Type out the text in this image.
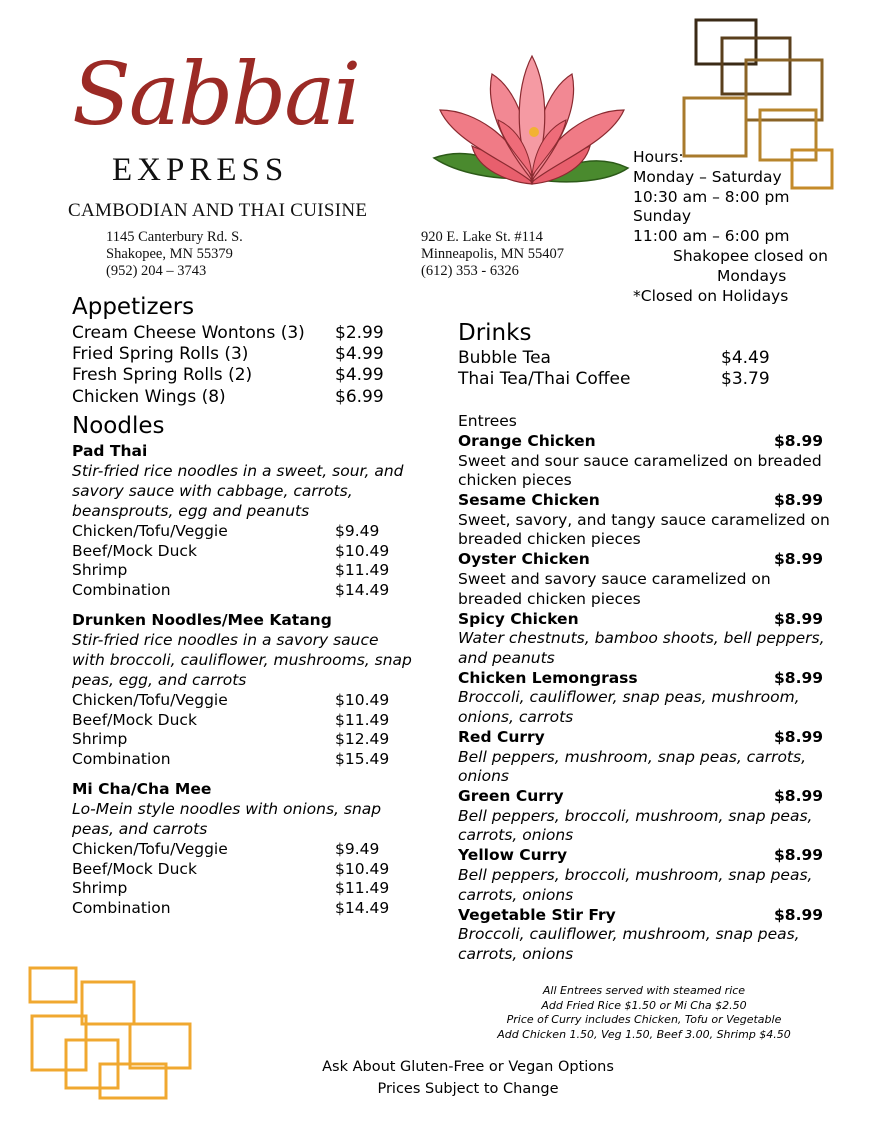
Sabbai
EXPRESS
CAMBODIAN AND THAI CUISINE
1145 Canterbury Rd. S.
Shakopee, MN 55379
(952) 204 – 3743
920 E. Lake St. #114
Minneapolis, MN 55407
(612) 353 - 6326
Hours:
Monday – Saturday
10:30 am – 8:00 pm
Sunday
11:00 am – 6:00 pm
Shakopee closed on
Mondays
*Closed on Holidays
Appetizers
Cream Cheese Wontons (3) $2.99
Fried Spring Rolls (3)	$4.99
Fresh Spring Rolls (2)	$4.99
Chicken Wings (8)	$6.99
Noodles
Pad Thai
Stir-fried rice noodles in a sweet, sour, and savory sauce with cabbage, carrots, beansprouts, egg and peanuts
Chicken/Tofu/Veggie	$9.49
Beef/Mock Duck	$10.49
Shrimp	$11.49
Combination	$14.49
Drunken Noodles/Mee Katang
Stir-fried rice noodles in a savory sauce with broccoli, cauliflower, mushrooms, snap peas, egg, and carrots
Chicken/Tofu/Veggie	$10.49
Beef/Mock Duck	$11.49
Shrimp	$12.49
Combination	$15.49
Mi Cha/Cha Mee
Lo-Mein style noodles with onions, snap peas, and carrots
Chicken/Tofu/Veggie	$9.49
Beef/Mock Duck	$10.49
Shrimp	$11.49
Combination	$14.49
Drinks
Bubble Tea	$4.49
Thai Tea/Thai Coffee	$3.79
Entrees
Orange Chicken	$8.99
Sweet and sour sauce caramelized on breaded chicken pieces
Sesame Chicken	$8.99
Sweet, savory, and tangy sauce caramelized on breaded chicken pieces
Oyster Chicken	$8.99
Sweet and savory sauce caramelized on breaded chicken pieces
Spicy Chicken	$8.99
Water chestnuts, bamboo shoots, bell peppers, and peanuts
Chicken Lemongrass	$8.99
Broccoli, cauliflower, snap peas, mushroom, onions, carrots
Red Curry	$8.99
Bell peppers, mushroom, snap peas, carrots, onions
Green Curry	$8.99
Bell peppers, broccoli, mushroom, snap peas, carrots, onions
Yellow Curry	$8.99
Bell peppers, broccoli, mushroom, snap peas, carrots, onions
Vegetable Stir Fry	$8.99
Broccoli, cauliflower, mushroom, snap peas, carrots, onions
All Entrees served with steamed rice
Add Fried Rice $1.50 or Mi Cha $2.50
Price of Curry includes Chicken, Tofu or Vegetable
Add Chicken 1.50, Veg 1.50, Beef 3.00, Shrimp $4.50
Ask About Gluten-Free or Vegan Options
Prices Subject to Change
